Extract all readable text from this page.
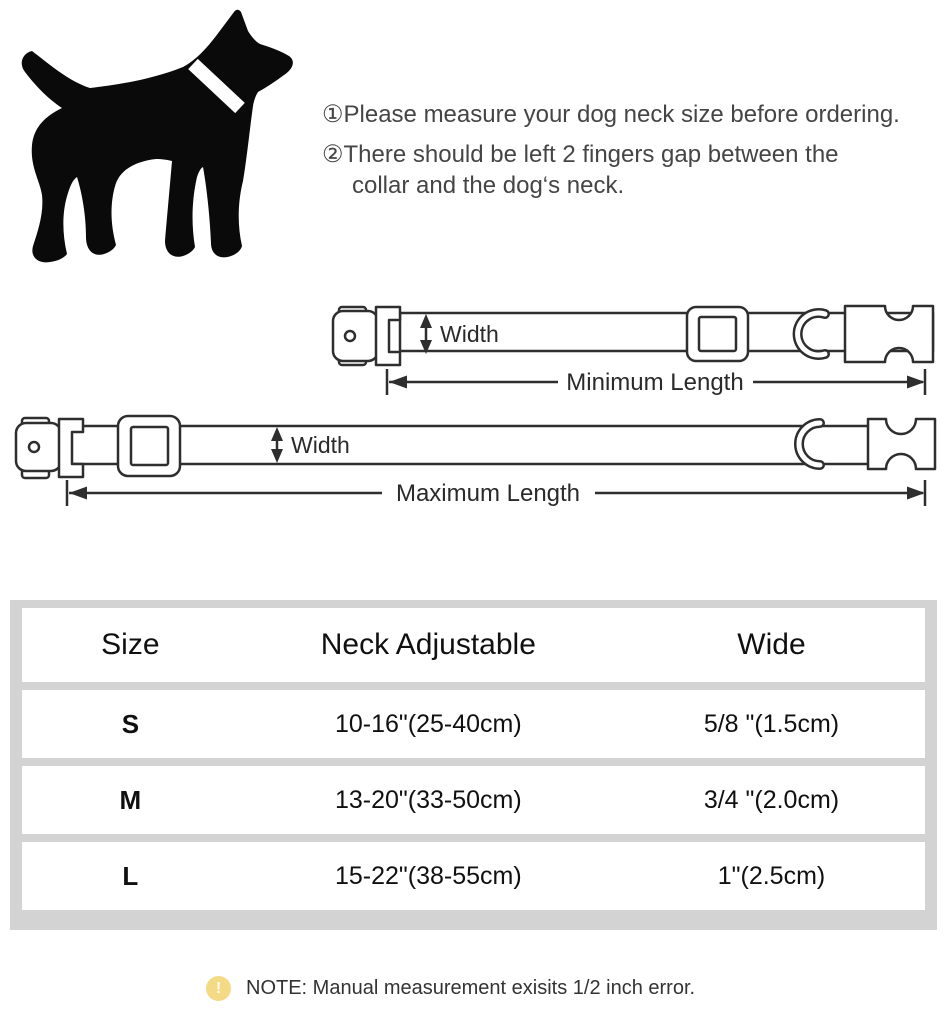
①Please measure your dog neck size before ordering.
②There should be left 2 fingers gap between the
collar and the dog‘s neck.
Width
Minimum Length
Width
Maximum Length
Size	Neck Adjustable	Wide
S	10-16"(25-40cm)	5/8 "(1.5cm)
M	13-20"(33-50cm)	3/4 "(2.0cm)
L	15-22"(38-55cm)	1"(2.5cm)
!	NOTE: Manual measurement exisits 1/2 inch error.
